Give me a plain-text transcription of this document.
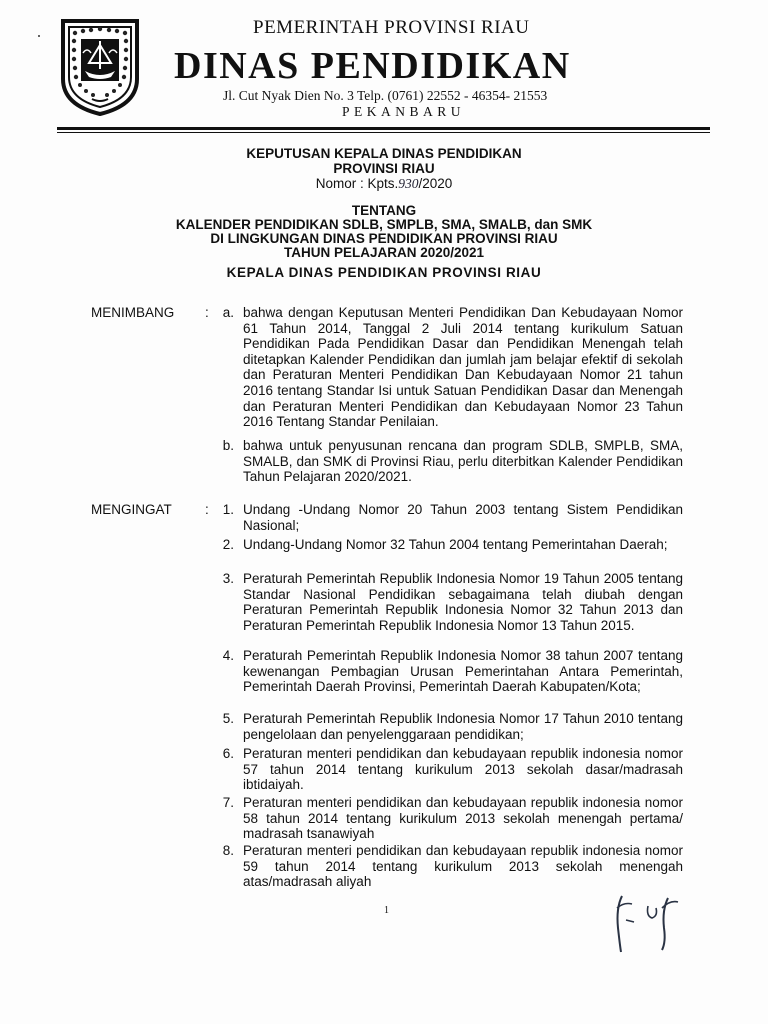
PEMERINTAH PROVINSI RIAU
DINAS PENDIDIKAN
Jl. Cut Nyak Dien No. 3 Telp. (0761) 22552 - 46354- 21553
PEKANBARU
KEPUTUSAN KEPALA DINAS PENDIDIKAN
PROVINSI RIAU
Nomor : Kpts.930/2020
TENTANG
KALENDER PENDIDIKAN SDLB, SMPLB, SMA, SMALB, dan SMK
DI LINGKUNGAN DINAS PENDIDIKAN PROVINSI RIAU
TAHUN PELAJARAN 2020/2021
KEPALA DINAS PENDIDIKAN PROVINSI RIAU
MENIMBANG :	a. bahwa dengan Keputusan Menteri Pendidikan Dan Kebudayaan Nomor 61 Tahun 2014, Tanggal 2 Juli 2014 tentang kurikulum Satuan Pendidikan Pada Pendidikan Dasar dan Pendidikan Menengah telah ditetapkan Kalender Pendidikan dan jumlah jam belajar efektif di sekolah dan Peraturan Menteri Pendidikan Dan Kebudayaan Nomor 21 tahun 2016 tentang Standar Isi untuk Satuan Pendidikan Dasar dan Menengah dan Peraturan Menteri Pendidikan dan Kebudayaan Nomor 23 Tahun 2016 Tentang Standar Penilaian.
b. bahwa untuk penyusunan rencana dan program SDLB, SMPLB, SMA, SMALB, dan SMK di Provinsi Riau, perlu diterbitkan Kalender Pendidikan Tahun Pelajaran 2020/2021.
MENGINGAT :	1. Undang -Undang Nomor 20 Tahun 2003 tentang Sistem Pendidikan Nasional;
2. Undang-Undang Nomor 32 Tahun 2004 tentang Pemerintahan Daerah;
3. Peraturah Pemerintah Republik Indonesia Nomor 19 Tahun 2005 tentang Standar Nasional Pendidikan sebagaimana telah diubah dengan Peraturan Pemerintah Republik Indonesia Nomor 32 Tahun 2013 dan Peraturan Pemerintah Republik Indonesia Nomor 13 Tahun 2015.
4. Peraturah Pemerintah Republik Indonesia Nomor 38 tahun 2007 tentang kewenangan Pembagian Urusan Pemerintahan Antara Pemerintah, Pemerintah Daerah Provinsi, Pemerintah Daerah Kabupaten/Kota;
5. Peraturah Pemerintah Republik Indonesia Nomor 17 Tahun 2010 tentang pengelolaan dan penyelenggaraan pendidikan;
6. Peraturan menteri pendidikan dan kebudayaan republik indonesia nomor 57 tahun 2014 tentang kurikulum 2013 sekolah dasar/madrasah ibtidaiyah.
7. Peraturan menteri pendidikan dan kebudayaan republik indonesia nomor 58 tahun 2014 tentang kurikulum 2013 sekolah menengah pertama/ madrasah tsanawiyah
8. Peraturan menteri pendidikan dan kebudayaan republik indonesia nomor 59 tahun 2014 tentang kurikulum 2013 sekolah menengah atas/madrasah aliyah
1
